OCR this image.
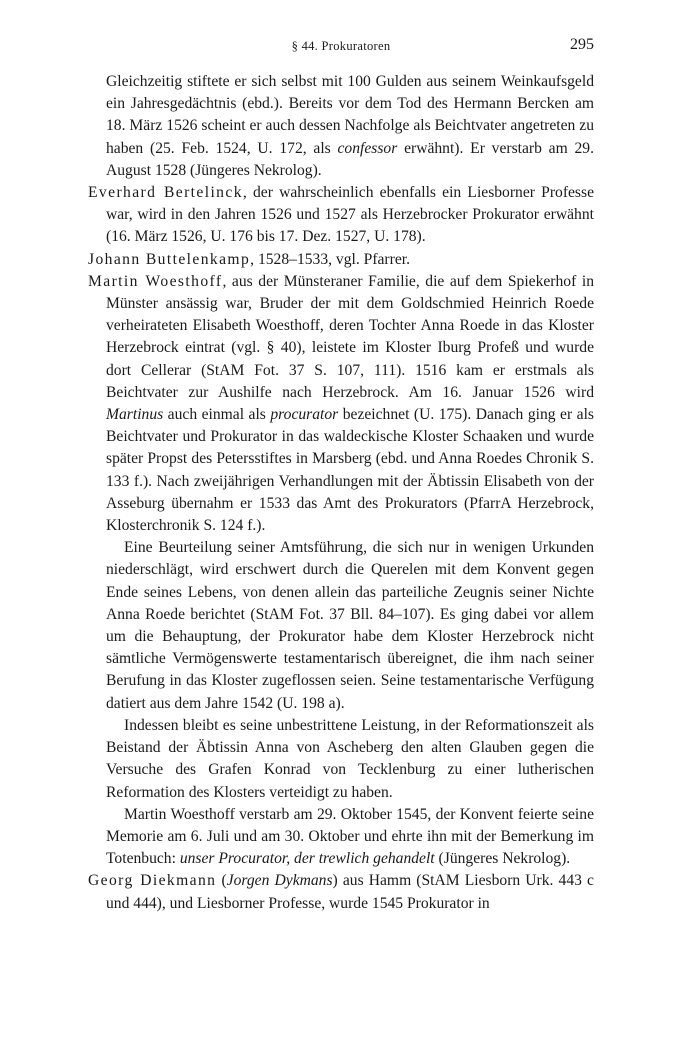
§ 44. Prokuratoren	295

Gleichzeitig stiftete er sich selbst mit 100 Gulden aus seinem Weinkaufsgeld ein Jahresgedächtnis (ebd.). Bereits vor dem Tod des Hermann Bercken am 18. März 1526 scheint er auch dessen Nachfolge als Beichtvater angetreten zu haben (25. Feb. 1524, U. 172, als confessor erwähnt). Er verstarb am 29. August 1528 (Jüngeres Nekrolog).

Everhard Bertelinck, der wahrscheinlich ebenfalls ein Liesborner Professe war, wird in den Jahren 1526 und 1527 als Herzebrocker Prokurator erwähnt (16. März 1526, U. 176 bis 17. Dez. 1527, U. 178).

Johann Buttelenkamp, 1528–1533, vgl. Pfarrer.

Martin Woesthoff, aus der Münsteraner Familie, die auf dem Spiekerhof in Münster ansässig war, Bruder der mit dem Goldschmied Heinrich Roede verheirateten Elisabeth Woesthoff, deren Tochter Anna Roede in das Kloster Herzebrock eintrat (vgl. § 40), leistete im Kloster Iburg Profeß und wurde dort Cellerar (StAM Fot. 37 S. 107, 111). 1516 kam er erstmals als Beichtvater zur Aushilfe nach Herzebrock. Am 16. Januar 1526 wird Martinus auch einmal als procurator bezeichnet (U. 175). Danach ging er als Beichtvater und Prokurator in das waldeckische Kloster Schaaken und wurde später Propst des Petersstiftes in Marsberg (ebd. und Anna Roedes Chronik S. 133 f.). Nach zweijährigen Verhandlungen mit der Äbtissin Elisabeth von der Asseburg übernahm er 1533 das Amt des Prokurators (PfarrA Herzebrock, Klosterchronik S. 124 f.).

Eine Beurteilung seiner Amtsführung, die sich nur in wenigen Urkunden niederschlägt, wird erschwert durch die Querelen mit dem Konvent gegen Ende seines Lebens, von denen allein das parteiliche Zeugnis seiner Nichte Anna Roede berichtet (StAM Fot. 37 Bll. 84–107). Es ging dabei vor allem um die Behauptung, der Prokurator habe dem Kloster Herzebrock nicht sämtliche Vermögenswerte testamentarisch übereignet, die ihm nach seiner Berufung in das Kloster zugeflossen seien. Seine testamentarische Verfügung datiert aus dem Jahre 1542 (U. 198 a).

Indessen bleibt es seine unbestrittene Leistung, in der Reformationszeit als Beistand der Äbtissin Anna von Ascheberg den alten Glauben gegen die Versuche des Grafen Konrad von Tecklenburg zu einer lutherischen Reformation des Klosters verteidigt zu haben.

Martin Woesthoff verstarb am 29. Oktober 1545, der Konvent feierte seine Memorie am 6. Juli und am 30. Oktober und ehrte ihn mit der Bemerkung im Totenbuch: unser Procurator, der trewlich gehandelt (Jüngeres Nekrolog).

Georg Diekmann (Jorgen Dykmans) aus Hamm (StAM Liesborn Urk. 443 c und 444), und Liesborner Professe, wurde 1545 Prokurator in
